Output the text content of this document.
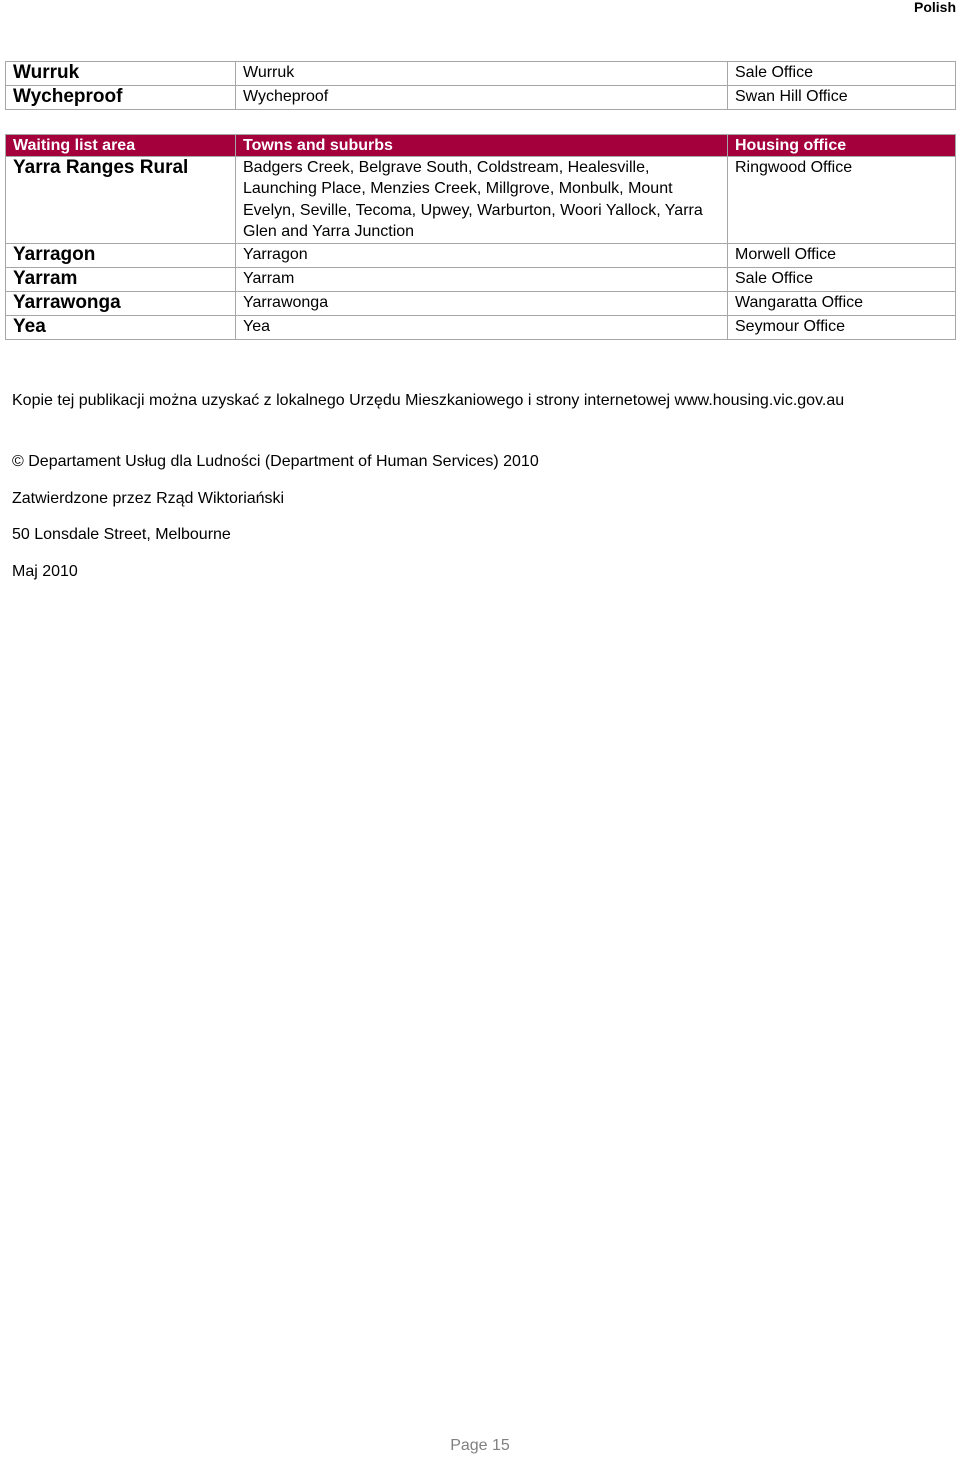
Polish
Wurruk	Wurruk	Sale Office
Wycheproof	Wycheproof	Swan Hill Office
Waiting list area	Towns and suburbs	Housing office
Yarra Ranges Rural	Badgers Creek, Belgrave South, Coldstream, Healesville, Launching Place, Menzies Creek, Millgrove, Monbulk, Mount Evelyn, Seville, Tecoma, Upwey, Warburton, Woori Yallock, Yarra Glen and Yarra Junction	Ringwood Office
Yarragon	Yarragon	Morwell Office
Yarram	Yarram	Sale Office
Yarrawonga	Yarrawonga	Wangaratta Office
Yea	Yea	Seymour Office

Kopie tej publikacji można uzyskać z lokalnego Urzędu Mieszkaniowego i strony internetowej www.housing.vic.gov.au

© Departament Usług dla Ludności (Department of Human Services) 2010

Zatwierdzone przez Rząd Wiktoriański

50 Lonsdale Street, Melbourne

Maj 2010

Page 15
